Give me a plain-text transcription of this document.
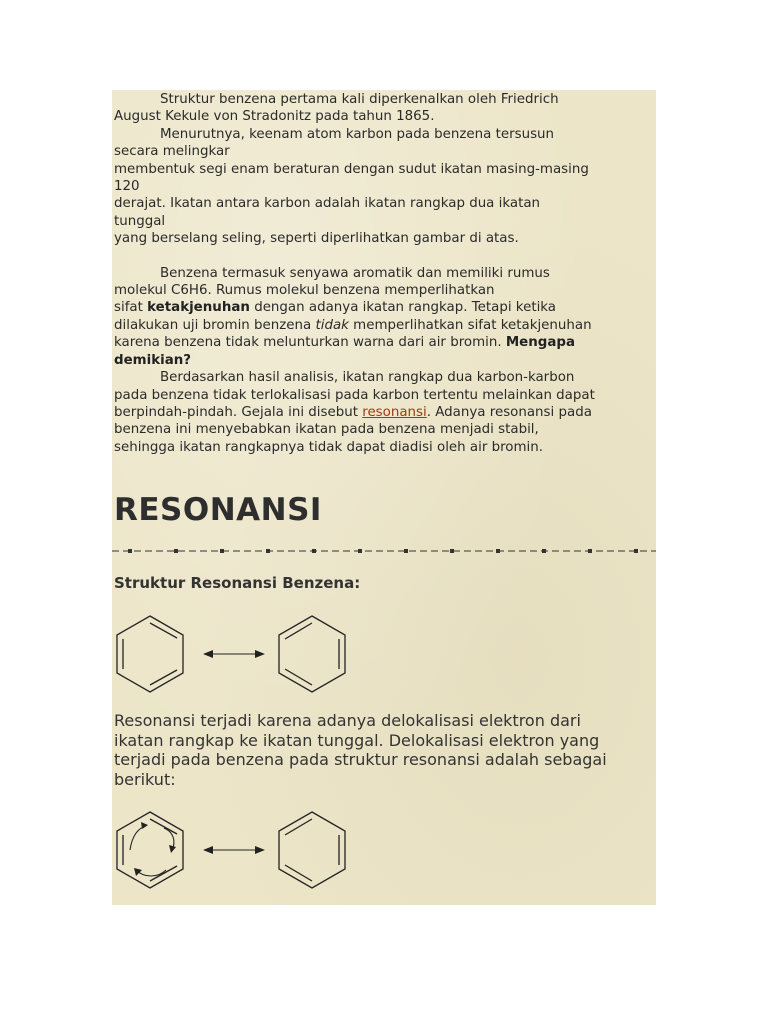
Struktur benzena pertama kali diperkenalkan oleh Friedrich

August Kekule von Stradonitz pada tahun 1865.

Menurutnya, keenam atom karbon pada benzena tersusun

secara melingkar

membentuk segi enam beraturan dengan sudut ikatan masing-masing

120

derajat. Ikatan antara karbon adalah ikatan rangkap dua ikatan

tunggal

yang berselang seling, seperti diperlihatkan gambar di atas.

Benzena termasuk senyawa aromatik dan memiliki rumus

molekul C6H6. Rumus molekul benzena memperlihatkan

sifat ketakjenuhan dengan adanya ikatan rangkap. Tetapi ketika

dilakukan uji bromin benzena tidak memperlihatkan sifat ketakjenuhan

karena benzena tidak melunturkan warna dari air bromin. Mengapa

demikian?

Berdasarkan hasil analisis, ikatan rangkap dua karbon-karbon

pada benzena tidak terlokalisasi pada karbon tertentu melainkan dapat

berpindah-pindah. Gejala ini disebut resonansi. Adanya resonansi pada

benzena ini menyebabkan ikatan pada benzena menjadi stabil,

sehingga ikatan rangkapnya tidak dapat diadisi oleh air bromin.

RESONANSI

Struktur Resonansi Benzena:

Resonansi terjadi karena adanya delokalisasi elektron dari
ikatan rangkap ke ikatan tunggal. Delokalisasi elektron yang
terjadi pada benzena pada struktur resonansi adalah sebagai
berikut:
